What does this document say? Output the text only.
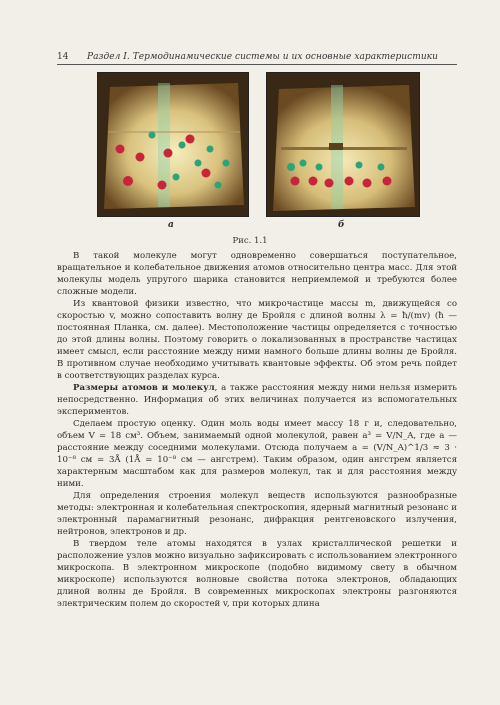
14	Раздел I. Термодинамические системы и их основные характеристики
а	б
Рис. 1.1

В такой молекуле могут одновременно совершаться поступательное, вращательное и колебательное движения атомов относительно центра масс. Для этой молекулы модель упругого шарика становится неприемлемой и требуются более сложные модели.

Из квантовой физики известно, что микрочастице массы m, движущейся со скоростью v, можно сопоставить волну де Бройля с длиной волны λ = ħ/(mv) (ħ — постоянная Планка, см. далее). Местоположение частицы определяется с точностью до этой длины волны. Поэтому говорить о локализованных в пространстве частицах имеет смысл, если расстояние между ними намного больше длины волны де Бройля. В противном случае необходимо учитывать квантовые эффекты. Об этом речь пойдет в соответствующих разделах курса.

Размеры атомов и молекул, а также расстояния между ними нельзя измерить непосредственно. Информация об этих величинах получается из вспомогательных экспериментов.

Сделаем простую оценку. Один моль воды имеет массу 18 г и, следовательно, объем V = 18 см³. Объем, занимаемый одной молекулой, равен a³ = V/N_A, где a — расстояние между соседними молекулами. Отсюда получаем a = (V/N_A)^1/3 ≈ 3 · 10⁻⁸ см = 3Å (1Å = 10⁻⁸ см — ангстрем). Таким образом, один ангстрем является характерным масштабом как для размеров молекул, так и для расстояния между ними.

Для определения строения молекул веществ используются разнообразные методы: электронная и колебательная спектроскопия, ядерный магнитный резонанс и электронный парамагнитный резонанс, дифракция рентгеновского излучения, нейтронов, электронов и др.

В твердом теле атомы находятся в узлах кристаллической решетки и расположение узлов можно визуально зафиксировать с использованием электронного микроскопа. В электронном микроскопе (подобно видимому свету в обычном микроскопе) используются волновые свойства потока электронов, обладающих длиной волны де Бройля. В современных микроскопах электроны разгоняются электрическим полем до скоростей v, при которых длина
